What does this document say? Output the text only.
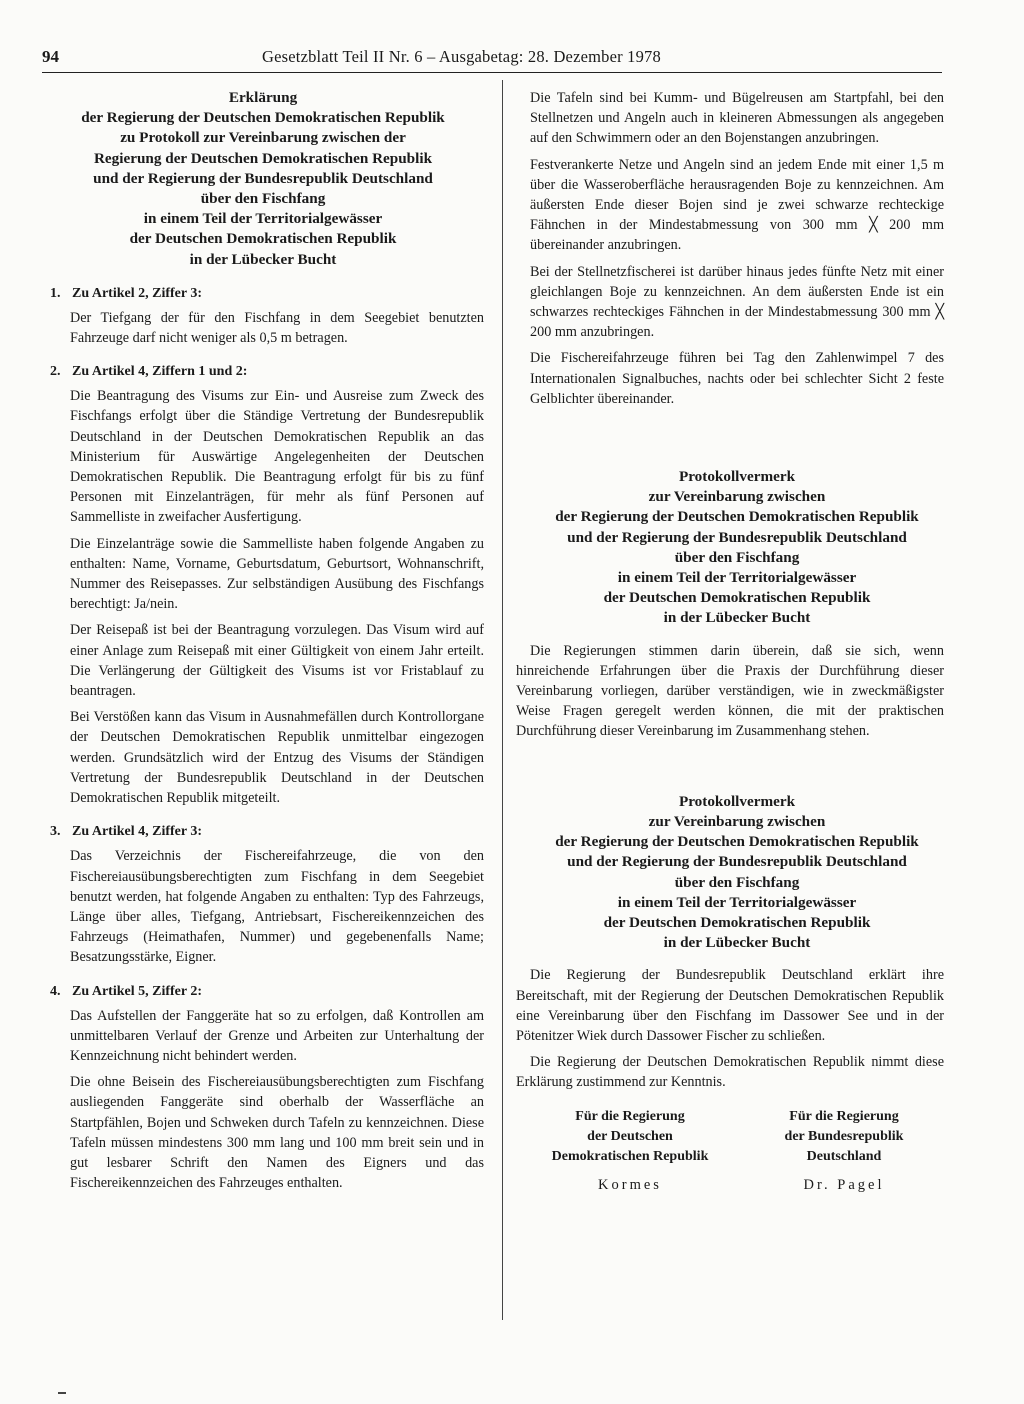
94	Gesetzblatt Teil II Nr. 6 – Ausgabetag: 28. Dezember 1978
Erklärung
der Regierung der Deutschen Demokratischen Republik
zu Protokoll zur Vereinbarung zwischen der
Regierung der Deutschen Demokratischen Republik
und der Regierung der Bundesrepublik Deutschland
über den Fischfang
in einem Teil der Territorialgewässer
der Deutschen Demokratischen Republik
in der Lübecker Bucht
1. Zu Artikel 2, Ziffer 3:

Der Tiefgang der für den Fischfang in dem Seegebiet benutzten Fahrzeuge darf nicht weniger als 0,5 m betragen.

2. Zu Artikel 4, Ziffern 1 und 2:

Die Beantragung des Visums zur Ein- und Ausreise zum Zweck des Fischfangs erfolgt über die Ständige Vertretung der Bundesrepublik Deutschland in der Deutschen Demokratischen Republik an das Ministerium für Auswärtige Angelegenheiten der Deutschen Demokratischen Republik. Die Beantragung erfolgt für bis zu fünf Personen mit Einzelanträgen, für mehr als fünf Personen auf Sammelliste in zweifacher Ausfertigung.

Die Einzelanträge sowie die Sammelliste haben folgende Angaben zu enthalten: Name, Vorname, Geburtsdatum, Geburtsort, Wohnanschrift, Nummer des Reisepasses. Zur selbständigen Ausübung des Fischfangs berechtigt: Ja/nein.

Der Reisepaß ist bei der Beantragung vorzulegen. Das Visum wird auf einer Anlage zum Reisepaß mit einer Gültigkeit von einem Jahr erteilt. Die Verlängerung der Gültigkeit des Visums ist vor Fristablauf zu beantragen.

Bei Verstößen kann das Visum in Ausnahmefällen durch Kontrollorgane der Deutschen Demokratischen Republik unmittelbar eingezogen werden. Grundsätzlich wird der Entzug des Visums der Ständigen Vertretung der Bundesrepublik Deutschland in der Deutschen Demokratischen Republik mitgeteilt.

3. Zu Artikel 4, Ziffer 3:

Das Verzeichnis der Fischereifahrzeuge, die von den Fischereiausübungsberechtigten zum Fischfang in dem Seegebiet benutzt werden, hat folgende Angaben zu enthalten: Typ des Fahrzeugs, Länge über alles, Tiefgang, Antriebsart, Fischereikennzeichen des Fahrzeugs (Heimathafen, Nummer) und gegebenenfalls Name; Besatzungsstärke, Eigner.

4. Zu Artikel 5, Ziffer 2:

Das Aufstellen der Fanggeräte hat so zu erfolgen, daß Kontrollen am unmittelbaren Verlauf der Grenze und Arbeiten zur Unterhaltung der Kennzeichnung nicht behindert werden.

Die ohne Beisein des Fischereiausübungsberechtigten zum Fischfang ausliegenden Fanggeräte sind oberhalb der Wasserfläche an Startpfählen, Bojen und Schweken durch Tafeln zu kennzeichnen. Diese Tafeln müssen mindestens 300 mm lang und 100 mm breit sein und in gut lesbarer Schrift den Namen des Eigners und das Fischereikennzeichen des Fahrzeuges enthalten.

Die Tafeln sind bei Kumm- und Bügelreusen am Startpfahl, bei den Stellnetzen und Angeln auch in kleineren Abmessungen als angegeben auf den Schwimmern oder an den Bojenstangen anzubringen.

Festverankerte Netze und Angeln sind an jedem Ende mit einer 1,5 m über die Wasseroberfläche herausragenden Boje zu kennzeichnen. Am äußersten Ende dieser Bojen sind je zwei schwarze rechteckige Fähnchen in der Mindestabmessung von 300 mm ╳ 200 mm übereinander anzubringen.

Bei der Stellnetzfischerei ist darüber hinaus jedes fünfte Netz mit einer gleichlangen Boje zu kennzeichnen. An dem äußersten Ende ist ein schwarzes rechteckiges Fähnchen in der Mindestabmessung 300 mm ╳ 200 mm anzubringen.

Die Fischereifahrzeuge führen bei Tag den Zahlenwimpel 7 des Internationalen Signalbuches, nachts oder bei schlechter Sicht 2 feste Gelblichter übereinander.

Protokollvermerk
zur Vereinbarung zwischen
der Regierung der Deutschen Demokratischen Republik
und der Regierung der Bundesrepublik Deutschland
über den Fischfang
in einem Teil der Territorialgewässer
der Deutschen Demokratischen Republik
in der Lübecker Bucht

Die Regierungen stimmen darin überein, daß sie sich, wenn hinreichende Erfahrungen über die Praxis der Durchführung dieser Vereinbarung vorliegen, darüber verständigen, wie in zweckmäßigster Weise Fragen geregelt werden können, die mit der praktischen Durchführung dieser Vereinbarung im Zusammenhang stehen.

Protokollvermerk
zur Vereinbarung zwischen
der Regierung der Deutschen Demokratischen Republik
und der Regierung der Bundesrepublik Deutschland
über den Fischfang
in einem Teil der Territorialgewässer
der Deutschen Demokratischen Republik
in der Lübecker Bucht

Die Regierung der Bundesrepublik Deutschland erklärt ihre Bereitschaft, mit der Regierung der Deutschen Demokratischen Republik eine Vereinbarung über den Fischfang im Dassower See und in der Pötenitzer Wiek durch Dassower Fischer zu schließen.

Die Regierung der Deutschen Demokratischen Republik nimmt diese Erklärung zustimmend zur Kenntnis.

Für die Regierung
der Deutschen
Demokratischen Republik
Kormes
Für die Regierung
der Bundesrepublik
Deutschland
Dr. Pagel
